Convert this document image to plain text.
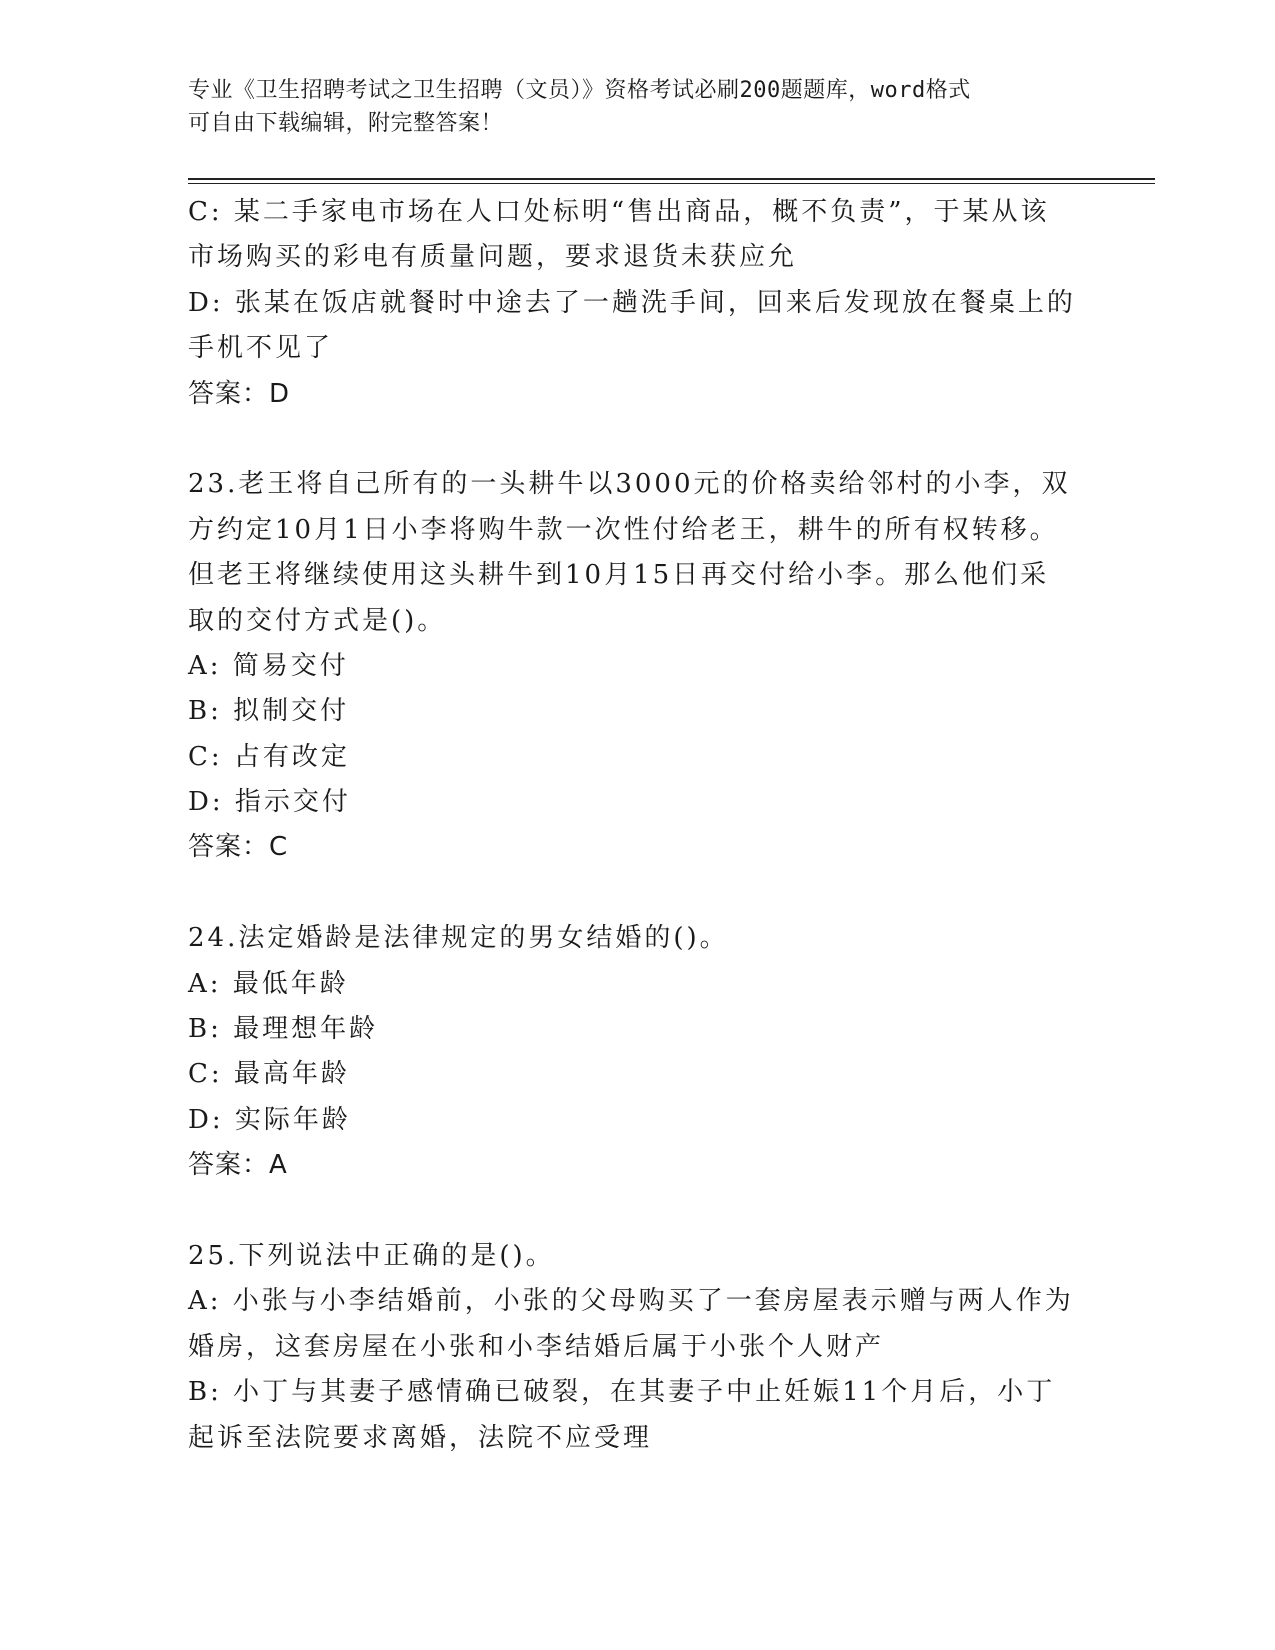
专业《卫生招聘考试之卫生招聘（文员）》资格考试必刷200题题库，word格式
可自由下载编辑，附完整答案！
C: 某二手家电市场在人口处标明“售出商品，概不负责”，于某从该
市场购买的彩电有质量问题，要求退货未获应允
D: 张某在饭店就餐时中途去了一趟洗手间，回来后发现放在餐桌上的
手机不见了
答案：D
23.老王将自己所有的一头耕牛以3000元的价格卖给邻村的小李，双
方约定10月1日小李将购牛款一次性付给老王，耕牛的所有权转移。
但老王将继续使用这头耕牛到10月15日再交付给小李。那么他们采
取的交付方式是()。
A: 简易交付
B: 拟制交付
C: 占有改定
D: 指示交付
答案：C
24.法定婚龄是法律规定的男女结婚的()。
A: 最低年龄
B: 最理想年龄
C: 最高年龄
D: 实际年龄
答案：A
25.下列说法中正确的是()。
A: 小张与小李结婚前，小张的父母购买了一套房屋表示赠与两人作为
婚房，这套房屋在小张和小李结婚后属于小张个人财产
B: 小丁与其妻子感情确已破裂，在其妻子中止妊娠11个月后，小丁
起诉至法院要求离婚，法院不应受理
